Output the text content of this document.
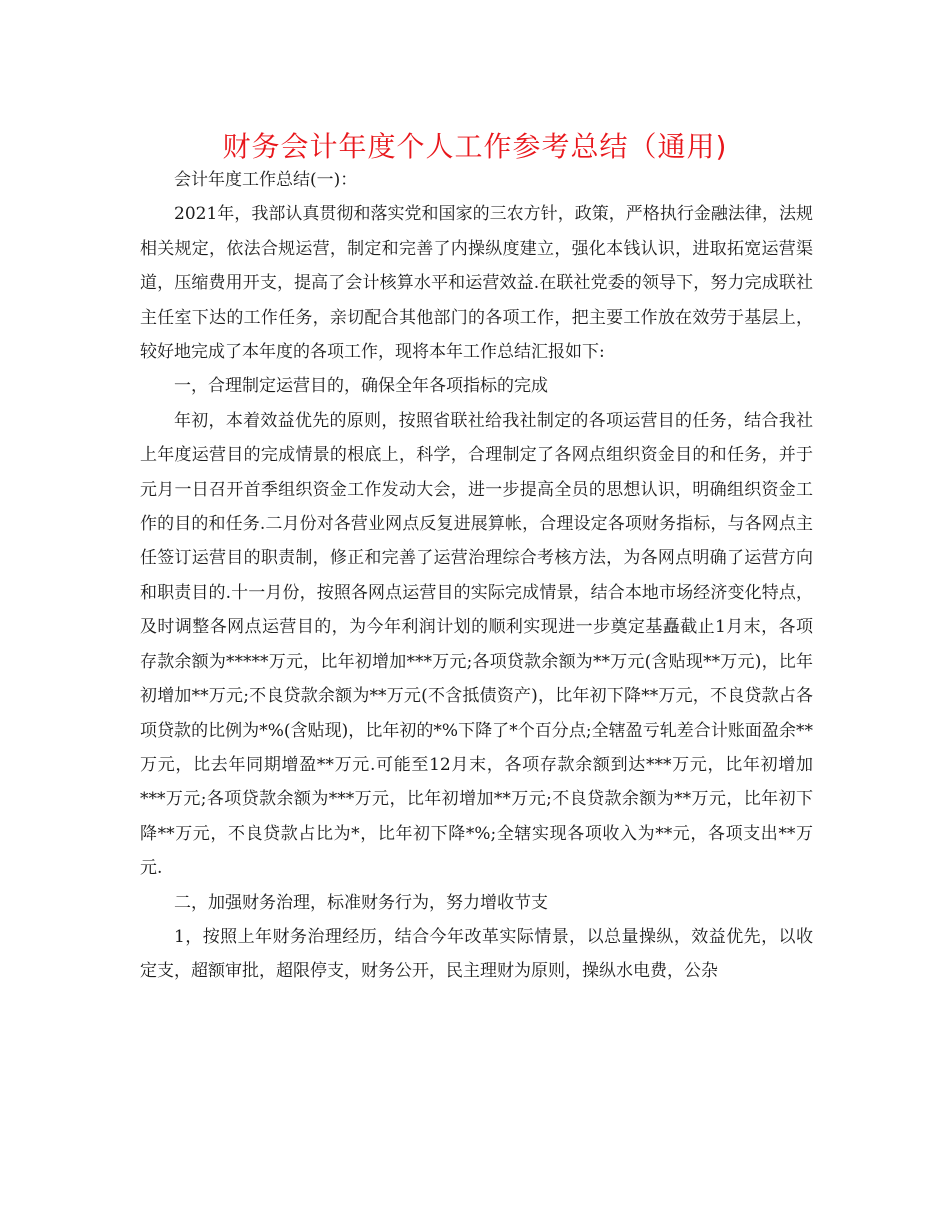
财务会计年度个人工作参考总结（通用)

会计年度工作总结(一)：

2021年，我部认真贯彻和落实党和国家的三农方针，政策，严格执行金融法律，法规相关规定，依法合规运营，制定和完善了内操纵度建立，强化本钱认识，进取拓宽运营渠道，压缩费用开支，提高了会计核算水平和运营效益.在联社党委的领导下，努力完成联社主任室下达的工作任务，亲切配合其他部门的各项工作，把主要工作放在效劳于基层上，较好地完成了本年度的各项工作，现将本年工作总结汇报如下:

一，合理制定运营目的，确保全年各项指标的完成

年初，本着效益优先的原则，按照省联社给我社制定的各项运营目的任务，结合我社上年度运营目的完成情景的根底上，科学，合理制定了各网点组织资金目的和任务，并于元月一日召开首季组织资金工作发动大会，进一步提高全员的思想认识，明确组织资金工作的目的和任务.二月份对各营业网点反复进展算帐，合理设定各项财务指标，与各网点主任签订运营目的职责制，修正和完善了运营治理综合考核方法，为各网点明确了运营方向和职责目的.十一月份，按照各网点运营目的实际完成情景，结合本地市场经济变化特点，及时调整各网点运营目的，为今年利润计划的顺利实现进一步奠定基矗截止1月末，各项存款余额为*****万元，比年初增加***万元;各项贷款余额为**万元(含贴现**万元)，比年初增加**万元;不良贷款余额为**万元(不含抵债资产)，比年初下降**万元，不良贷款占各项贷款的比例为*%(含贴现)，比年初的*%下降了*个百分点;全辖盈亏轧差合计账面盈余**万元，比去年同期增盈**万元.可能至12月末，各项存款余额到达***万元，比年初增加***万元;各项贷款余额为***万元，比年初增加**万元;不良贷款余额为**万元，比年初下降**万元，不良贷款占比为*，比年初下降*%;全辖实现各项收入为**元，各项支出**万元.

二，加强财务治理，标准财务行为，努力增收节支

1，按照上年财务治理经历，结合今年改革实际情景，以总量操纵，效益优先，以收定支，超额审批，超限停支，财务公开，民主理财为原则，操纵水电费，公杂
